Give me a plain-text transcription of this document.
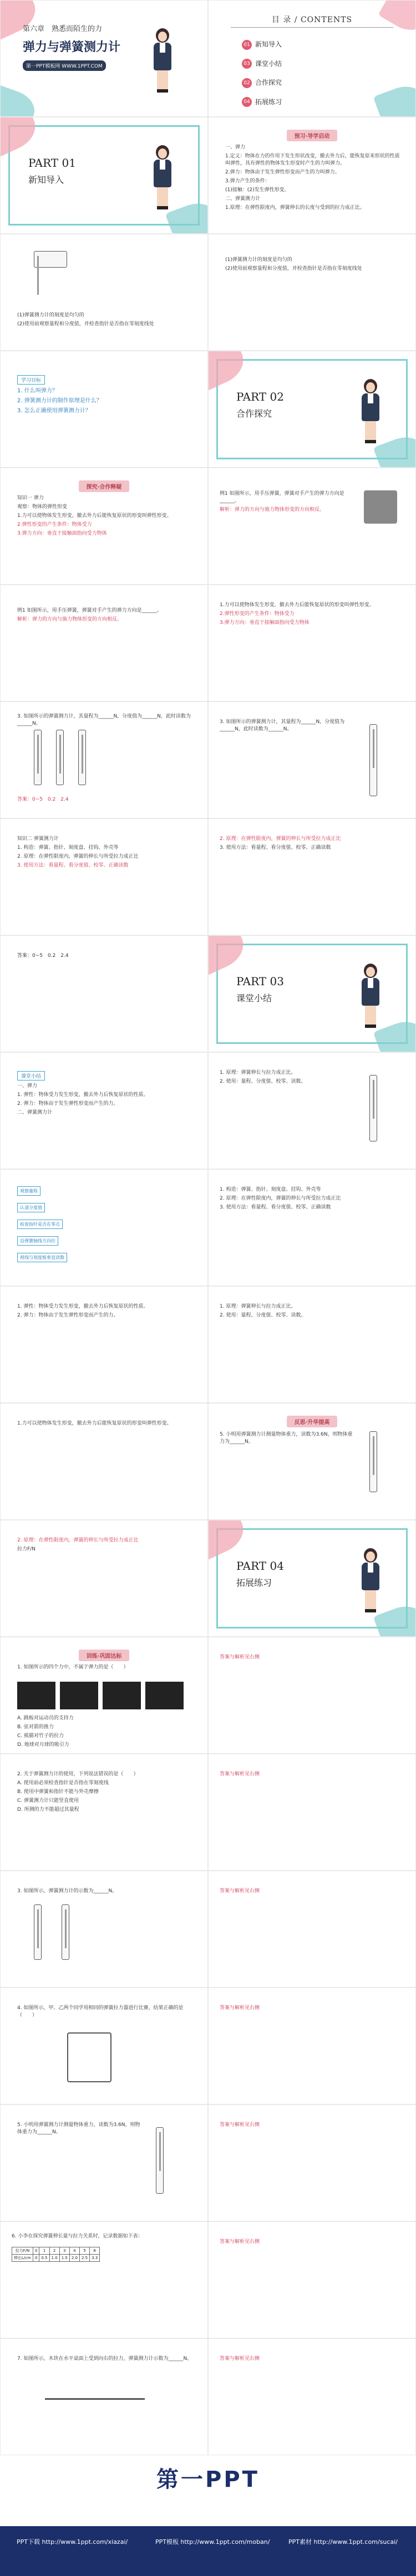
第六章　熟悉而陌生的力
弹力与弹簧测力计
第一PPT模板网 WWW.1PPT.COM
目 录 / CONTENTS
01 新知导入 03 课堂小结 02 合作探究 04 拓展练习
PART 01
新知导入
预习·导学启动

一、弹力

1.定义：物体在力的作用下发生形状改变，撤去外力后，能恢复原来形状的性质叫弹性，具有弹性的物体发生形变时产生的力叫弹力。

2.弹力：物体由于发生弹性形变而产生的力叫弹力。

3.弹力产生的条件：

(1)接触：(2)发生弹性形变。

二、弹簧测力计

1.原理：在弹性限度内，弹簧伸长的长度与受到的拉力成正比。

(1)弹簧测力计的刻度是均匀的

(2)使用前观察量程和分度值，并检查指针是否指在零刻度线处

(1)弹簧测力计的刻度是均匀的

(2)使用前观察量程和分度值，并检查指针是否指在零刻度线处

学习目标

1. 什么叫弹力？

2. 弹簧测力计的制作原理是什么？

3. 怎么正确使用弹簧测力计？

PART 02
合作探究
探究·合作释疑

知识一 弹力

观察：物体的弹性形变

1.力可以使物体发生形变，撤去外力后能恢复原状的形变叫弹性形变。

2.弹性形变的产生条件：物体受力

3.弹力方向：垂直于接触面指向受力物体

例1 如图所示，用手压弹簧，弹簧对手产生的弹力方向是______。

解析：弹力的方向与施力物体形变的方向相反。

例1 如图所示，用手压弹簧，弹簧对手产生的弹力方向是______。

解析：弹力的方向与施力物体形变的方向相反。

1.力可以使物体发生形变，撤去外力后能恢复原状的形变叫弹性形变。

2.弹性形变的产生条件：物体受力

3.弹力方向：垂直于接触面指向受力物体

3. 如图所示的弹簧测力计，其量程为______N，分度值为______N，此时读数为______N。

答案：0~5　0.2　2.4

3. 如图所示的弹簧测力计，其量程为______N，分度值为______N，此时读数为______N。

知识二 弹簧测力计

1. 构造：弹簧、指针、刻度盘、挂钩、外壳等

2. 原理：在弹性限度内，弹簧的伸长与所受拉力成正比

3. 使用方法：看量程、看分度值、校零、正确读数

2. 原理：在弹性限度内，弹簧的伸长与所受拉力成正比

3. 使用方法：看量程、看分度值、校零、正确读数

答案：0~5　0.2　2.4

PART 03
课堂小结
课堂小结

一、弹力

1. 弹性：物体受力发生形变，撤去外力后恢复原状的性质。

2. 弹力：物体由于发生弹性形变而产生的力。

二、弹簧测力计

1. 原理：弹簧伸长与拉力成正比。

2. 使用：量程、分度值、校零、读数。

观察量程
认清分度值
检查指针是否在零点
沿弹簧轴线方向拉
视线与刻度板垂直读数

1. 构造：弹簧、指针、刻度盘、挂钩、外壳等

2. 原理：在弹性限度内，弹簧的伸长与所受拉力成正比

3. 使用方法：看量程、看分度值、校零、正确读数

1. 弹性：物体受力发生形变，撤去外力后恢复原状的性质。

2. 弹力：物体由于发生弹性形变而产生的力。

1. 原理：弹簧伸长与拉力成正比。

2. 使用：量程、分度值、校零、读数。

1.力可以使物体发生形变，撤去外力后能恢复原状的形变叫弹性形变。	反思·升华提高

5. 小明用弹簧测力计测量物体重力，读数为3.6N，则物体重力为______N。

2. 原理：在弹性限度内，弹簧的伸长与所受拉力成正比

拉力F/N

PART 04
拓展练习
训练·巩固达标

1. 如图所示的四个力中，不属于弹力的是（　　）

A. 跳板对运动员的支持力

B. 弦对箭的推力

C. 熊猫对竹子的拉力

D. 地球对月球的吸引力

答案与解析见右侧

2. 关于弹簧测力计的使用，下列说法错误的是（　　）

A. 使用前必须检查指针是否指在零刻度线

B. 使用中弹簧和指针不能与外壳摩擦

C. 弹簧测力计只能竖直使用

D. 所测的力不能超过其量程

答案与解析见右侧

3. 如图所示，弹簧测力计的示数为______N。	答案与解析见右侧

4. 如图所示，甲、乙两个同学用相同的弹簧拉力器进行比赛，结果正确的是（　　）

答案与解析见右侧

5. 小明用弹簧测力计测量物体重力，读数为3.6N，则物体重力为______N。

答案与解析见右侧

6. 小李在探究弹簧伸长量与拉力关系时，记录数据如下表：
拉力F/N	0	1	2	3	4	5	6
伸长L/cm	0	0.5	1.0	1.5	2.0	2.5	3.3

答案与解析见右侧

7. 如图所示，木块在水平桌面上受到向右的拉力，弹簧测力计示数为______N。	答案与解析见右侧

第一PPT
PPT下载 http://www.1ppt.com/xiazai/	PPT模板 http://www.1ppt.com/moban/	PPT素材 http://www.1ppt.com/sucai/
